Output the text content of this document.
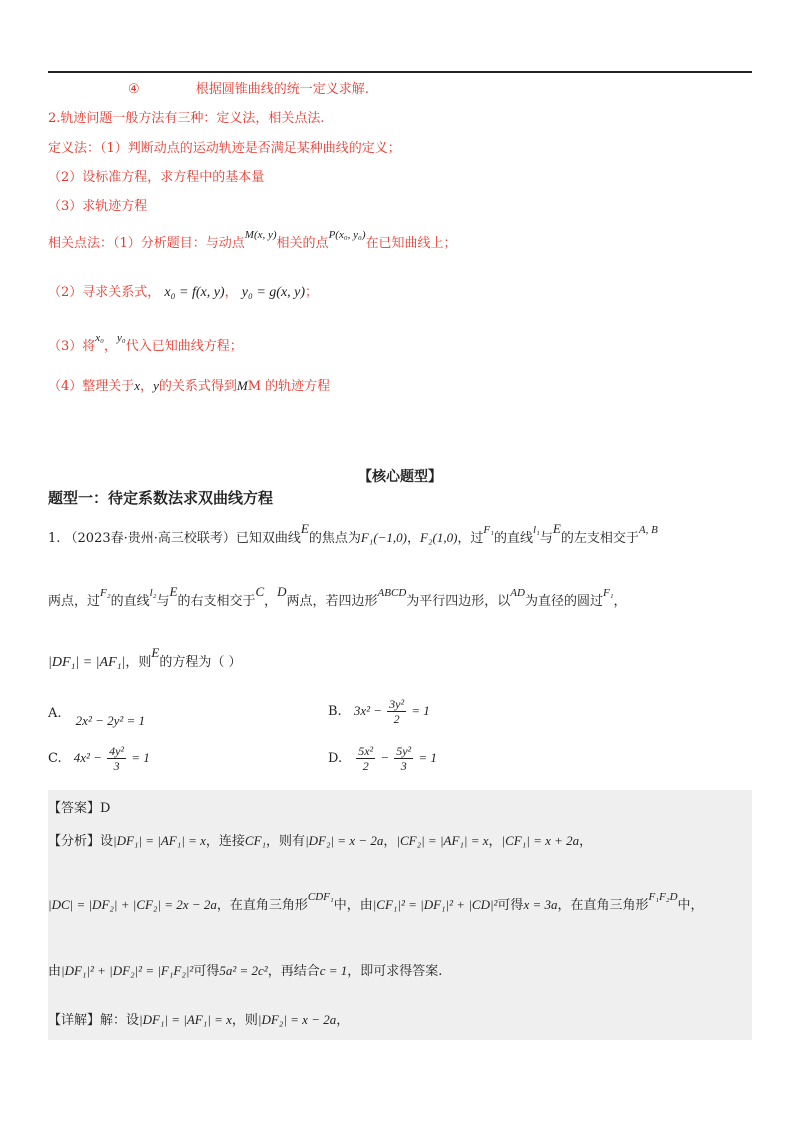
④	根据圆锥曲线的统一定义求解.
2.轨迹问题一般方法有三种：定义法，相关点法.
定义法：（1）判断动点的运动轨迹是否满足某种曲线的定义；
（2）设标准方程，求方程中的基本量
（3）求轨迹方程
相关点法：（1）分析题目：与动点$^{M(x, y)}$相关的点$^{P(x_0, y_0)}$在已知曲线上；
（2）寻求关系式， x₀ = f(x, y)， y₀ = g(x, y)；
（3）将$^{x_0}$，$^{y_0}$代入已知曲线方程；
（4）整理关于x，y的关系式得到MM 的轨迹方程
【核心题型】
题型一：待定系数法求双曲线方程
1. （2023春·贵州·高三校联考）已知双曲线E的焦点为F₁(−1,0)，F₂(1,0)，过$^{F_1}$的直线$^{l_1}$与E的左支相交于$^{A, B}$
两点，过$^{F_2}$的直线$^{l_2}$与E的右支相交于C，D两点，若四边形$^{ABCD}$为平行四边形，以$^{AD}$为直径的圆过$^{F_1}$，
|DF₁| = |AF₁|，则E的方程为（ ）
A. 2x² − 2y² = 1
B. $3x^2 - \frac{\text{3y²}}{2} = 1$
C. $4x^2 - \frac{\text{4y²}}{3} = 1$	D. $\frac{\text{5x²}}{2} - \frac{\text{5y²}}{3} = 1$
【答案】D
【分析】设|DF₁| = |AF₁| = x，连接CF₁，则有|DF₂| = x − 2a，|CF₂| = |AF₁| = x，|CF₁| = x + 2a，
|DC| = |DF₂| + |CF₂| = 2x − 2a，在直角三角形$^{CDF_1}$中，由|CF₁|² = |DF₁|² + |CD|²可得x = 3a，在直角三角形$^{F_1F_2D}$中，
由|DF₁|² + |DF₂|² = |F₁F₂|²可得5a² = 2c²，再结合c = 1，即可求得答案.
【详解】解：设|DF₁| = |AF₁| = x，则|DF₂| = x − 2a，
